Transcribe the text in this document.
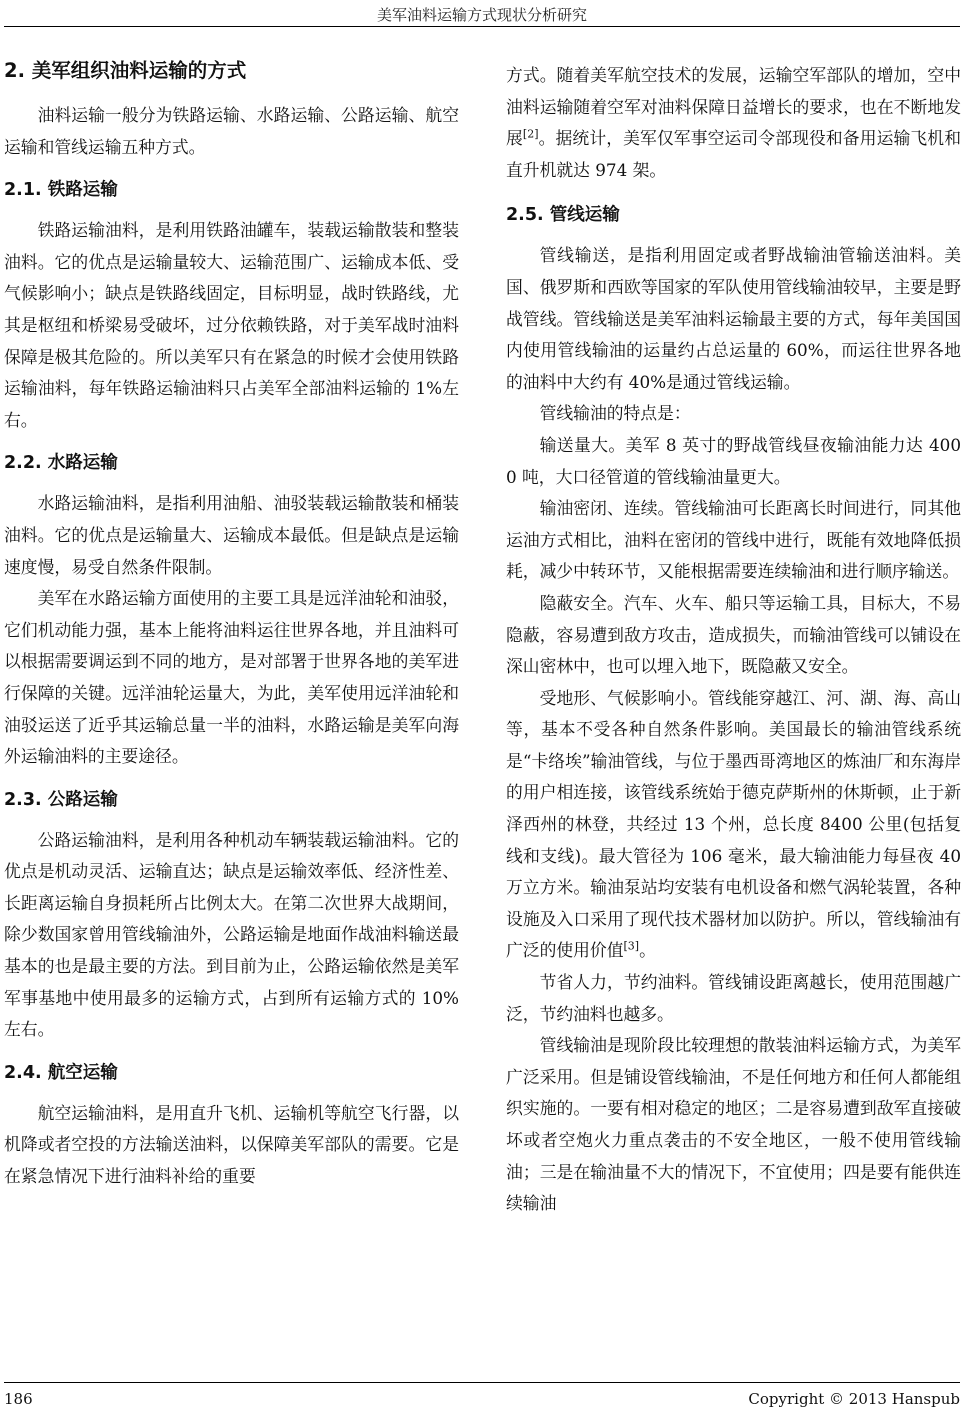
美军油料运输方式现状分析研究
2. 美军组织油料运输的方式

油料运输一般分为铁路运输、水路运输、公路运输、航空运输和管线运输五种方式。

2.1. 铁路运输

铁路运输油料，是利用铁路油罐车，装载运输散装和整装油料。它的优点是运输量较大、运输范围广、运输成本低、受气候影响小；缺点是铁路线固定，目标明显，战时铁路线，尤其是枢纽和桥梁易受破坏，过分依赖铁路，对于美军战时油料保障是极其危险的。所以美军只有在紧急的时候才会使用铁路运输油料，每年铁路运输油料只占美军全部油料运输的 1%左右。

2.2. 水路运输

水路运输油料，是指利用油船、油驳装载运输散装和桶装油料。它的优点是运输量大、运输成本最低。但是缺点是运输速度慢，易受自然条件限制。

美军在水路运输方面使用的主要工具是远洋油轮和油驳，它们机动能力强，基本上能将油料运往世界各地，并且油料可以根据需要调运到不同的地方，是对部署于世界各地的美军进行保障的关键。远洋油轮运量大，为此，美军使用远洋油轮和油驳运送了近乎其运输总量一半的油料，水路运输是美军向海外运输油料的主要途径。

2.3. 公路运输

公路运输油料，是利用各种机动车辆装载运输油料。它的优点是机动灵活、运输直达；缺点是运输效率低、经济性差、长距离运输自身损耗所占比例太大。在第二次世界大战期间，除少数国家曾用管线输油外，公路运输是地面作战油料输送最基本的也是最主要的方法。到目前为止，公路运输依然是美军军事基地中使用最多的运输方式，占到所有运输方式的 10%左右。

2.4. 航空运输

航空运输油料，是用直升飞机、运输机等航空飞行器，以机降或者空投的方法输送油料，以保障美军部队的需要。它是在紧急情况下进行油料补给的重要

方式。随着美军航空技术的发展，运输空军部队的增加，空中油料运输随着空军对油料保障日益增长的要求，也在不断地发展[2]。据统计，美军仅军事空运司令部现役和备用运输飞机和直升机就达 974 架。

2.5. 管线运输

管线输送，是指利用固定或者野战输油管输送油料。美国、俄罗斯和西欧等国家的军队使用管线输油较早，主要是野战管线。管线输送是美军油料运输最主要的方式，每年美国国内使用管线输油的运量约占总运量的 60%，而运往世界各地的油料中大约有 40%是通过管线运输。

管线输油的特点是：

输送量大。美军 8 英寸的野战管线昼夜输油能力达 4000 吨，大口径管道的管线输油量更大。

输油密闭、连续。管线输油可长距离长时间进行，同其他运油方式相比，油料在密闭的管线中进行，既能有效地降低损耗，减少中转环节，又能根据需要连续输油和进行顺序输送。

隐蔽安全。汽车、火车、船只等运输工具，目标大，不易隐蔽，容易遭到敌方攻击，造成损失，而输油管线可以铺设在深山密林中，也可以埋入地下，既隐蔽又安全。

受地形、气候影响小。管线能穿越江、河、湖、海、高山等，基本不受各种自然条件影响。美国最长的输油管线系统是“卡络埃”输油管线，与位于墨西哥湾地区的炼油厂和东海岸的用户相连接，该管线系统始于德克萨斯州的休斯顿，止于新泽西州的林登，共经过 13 个州，总长度 8400 公里(包括复线和支线)。最大管径为 106 毫米，最大输油能力每昼夜 40 万立方米。输油泵站均安装有电机设备和燃气涡轮装置，各种设施及入口采用了现代技术器材加以防护。所以，管线输油有广泛的使用价值[3]。

节省人力，节约油料。管线铺设距离越长，使用范围越广泛，节约油料也越多。

管线输油是现阶段比较理想的散装油料运输方式，为美军广泛采用。但是铺设管线输油，不是任何地方和任何人都能组织实施的。一要有相对稳定的地区；二是容易遭到敌军直接破坏或者空炮火力重点袭击的不安全地区，一般不使用管线输油；三是在输油量不大的情况下，不宜使用；四是要有能供连续输油

186	Copyright © 2013 Hanspub
